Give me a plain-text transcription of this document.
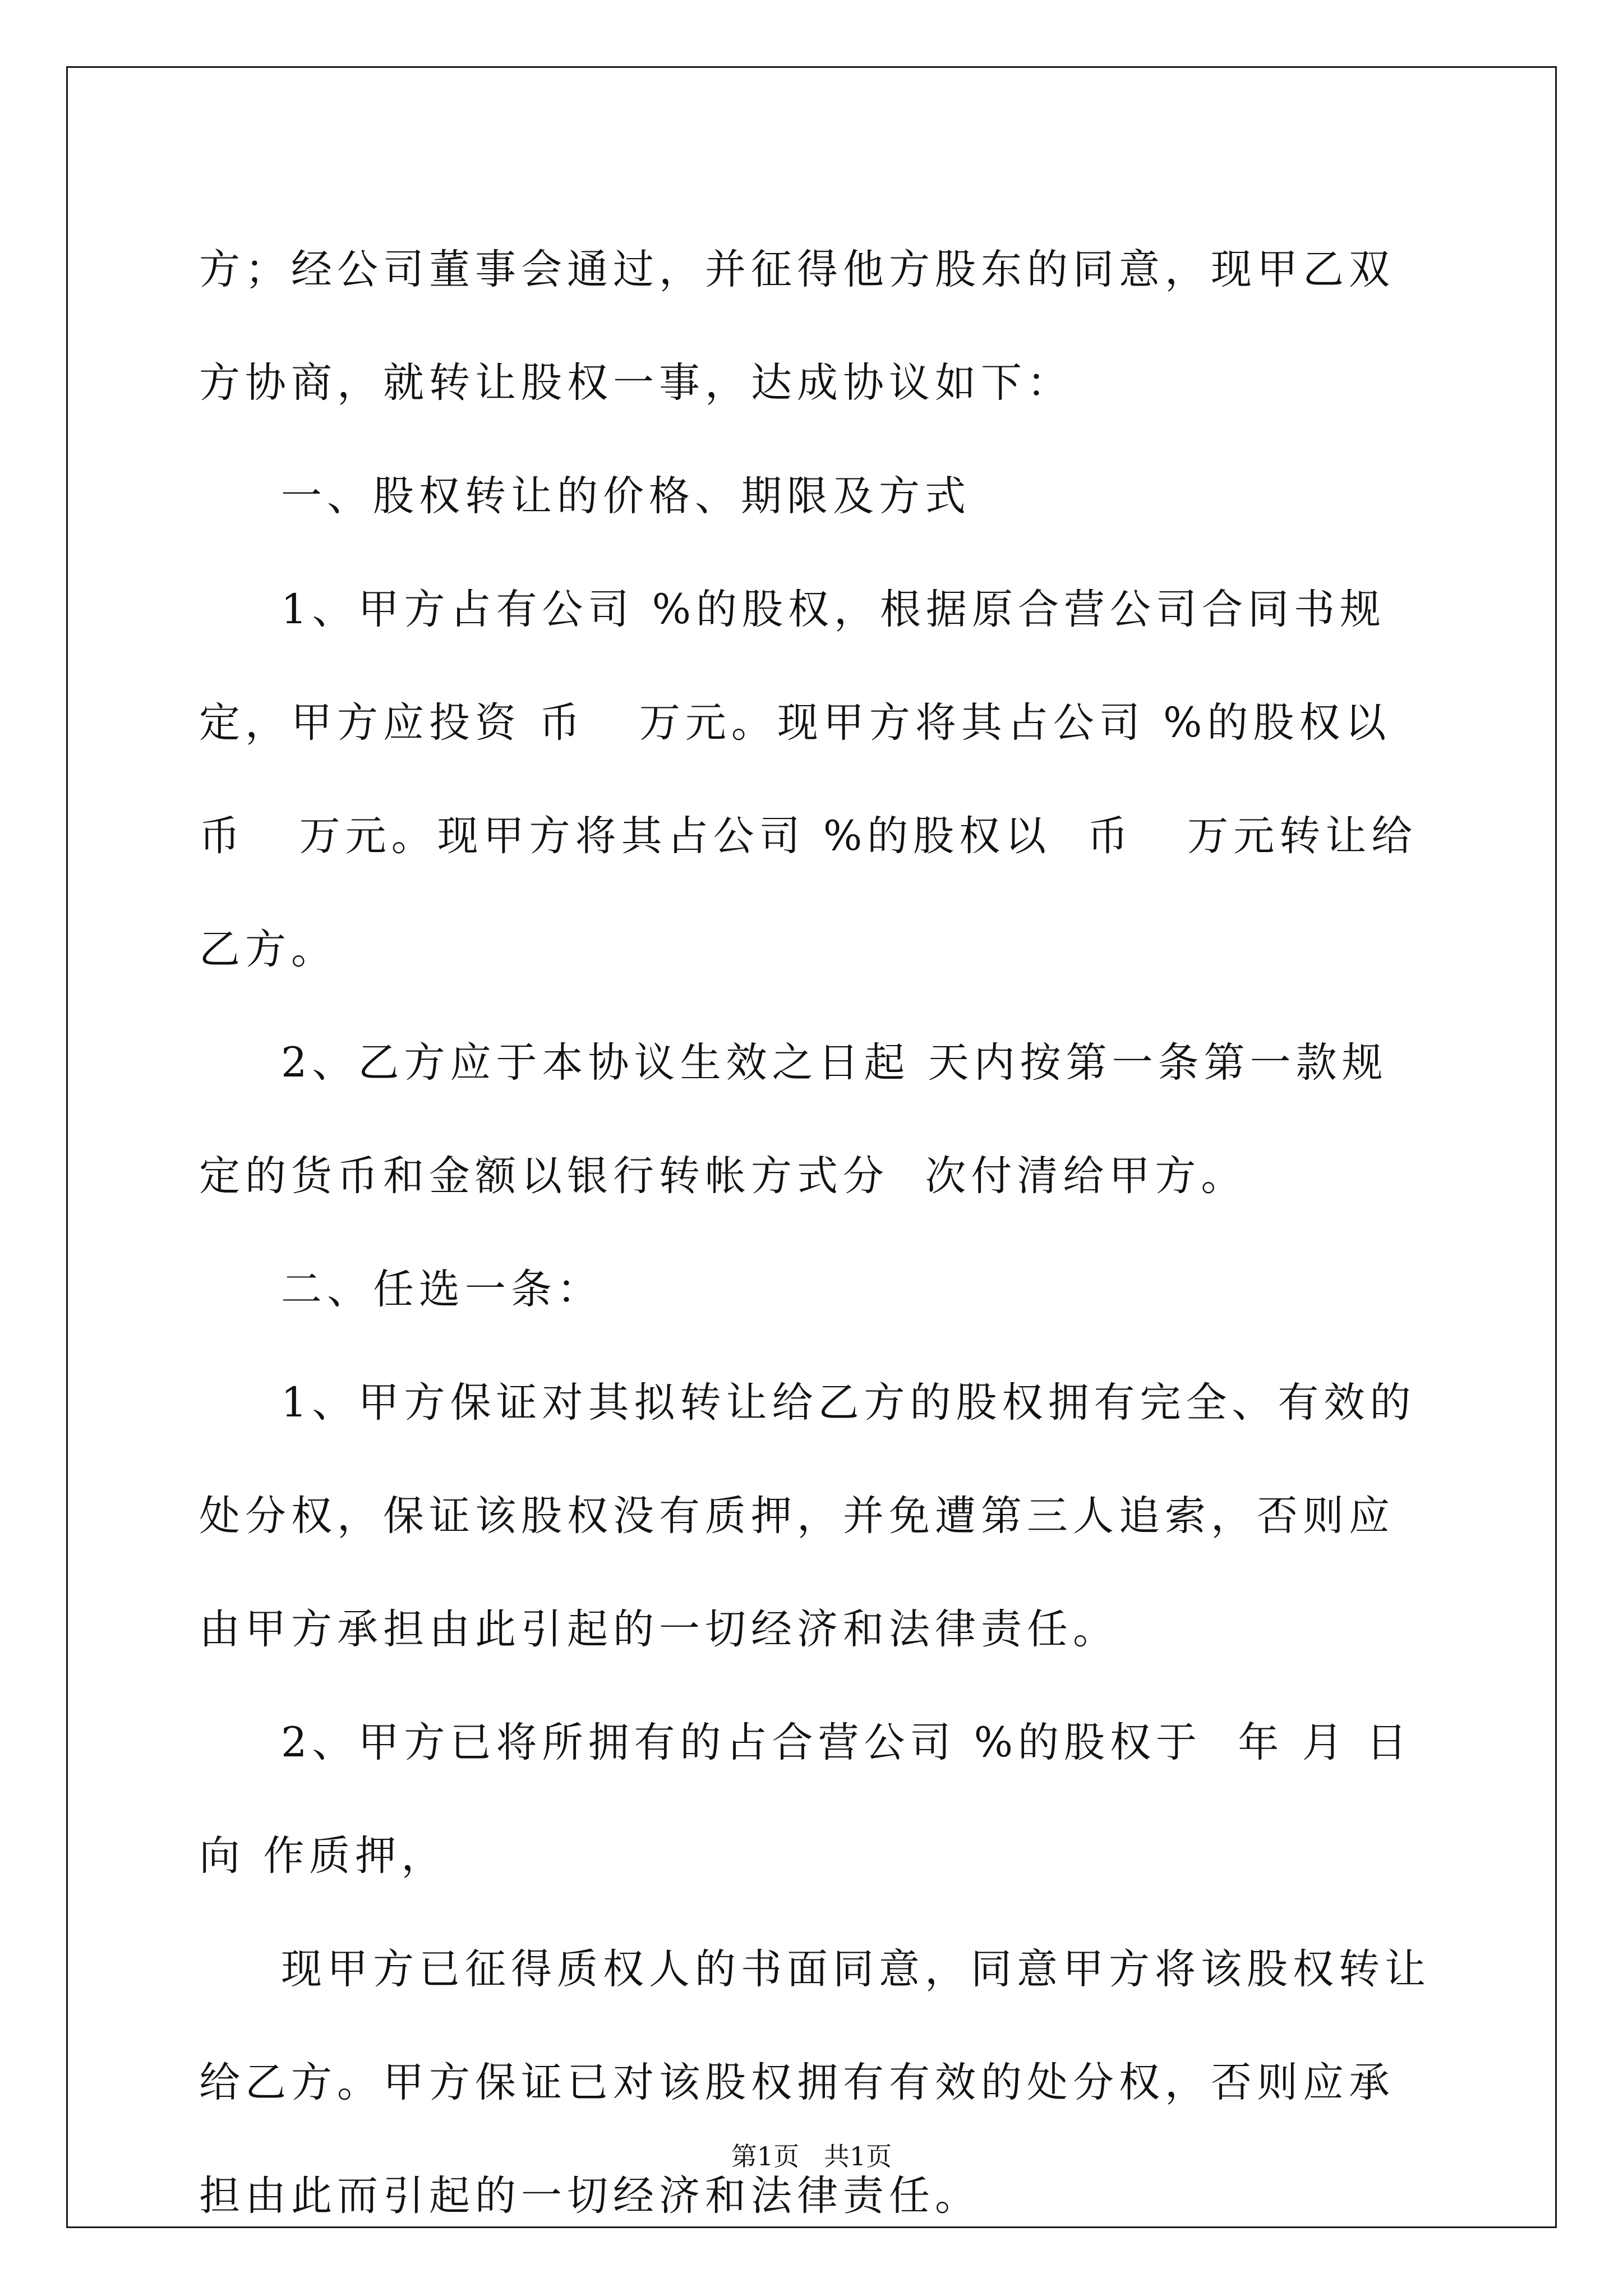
方；经公司董事会通过，并征得他方股东的同意，现甲乙双方协商，就转让股权一事，达成协议如下：

一、股权转让的价格、期限及方式

1、甲方占有公司 %的股权，根据原合营公司合同书规定，甲方应投资 币   万元。现甲方将其占公司 %的股权以  币   万元。现甲方将其占公司 %的股权以  币   万元转让给乙方。

2、乙方应于本协议生效之日起 天内按第一条第一款规定的货币和金额以银行转帐方式分  次付清给甲方。

二、任选一条：

1、甲方保证对其拟转让给乙方的股权拥有完全、有效的处分权，保证该股权没有质押，并免遭第三人追索，否则应由甲方承担由此引起的一切经济和法律责任。

2、甲方已将所拥有的占合营公司 %的股权于  年 月 日向 作质押，

现甲方已征得质权人的书面同意，同意甲方将该股权转让给乙方。甲方保证已对该股权拥有有效的处分权，否则应承担由此而引起的一切经济和法律责任。

第1页   共1页
